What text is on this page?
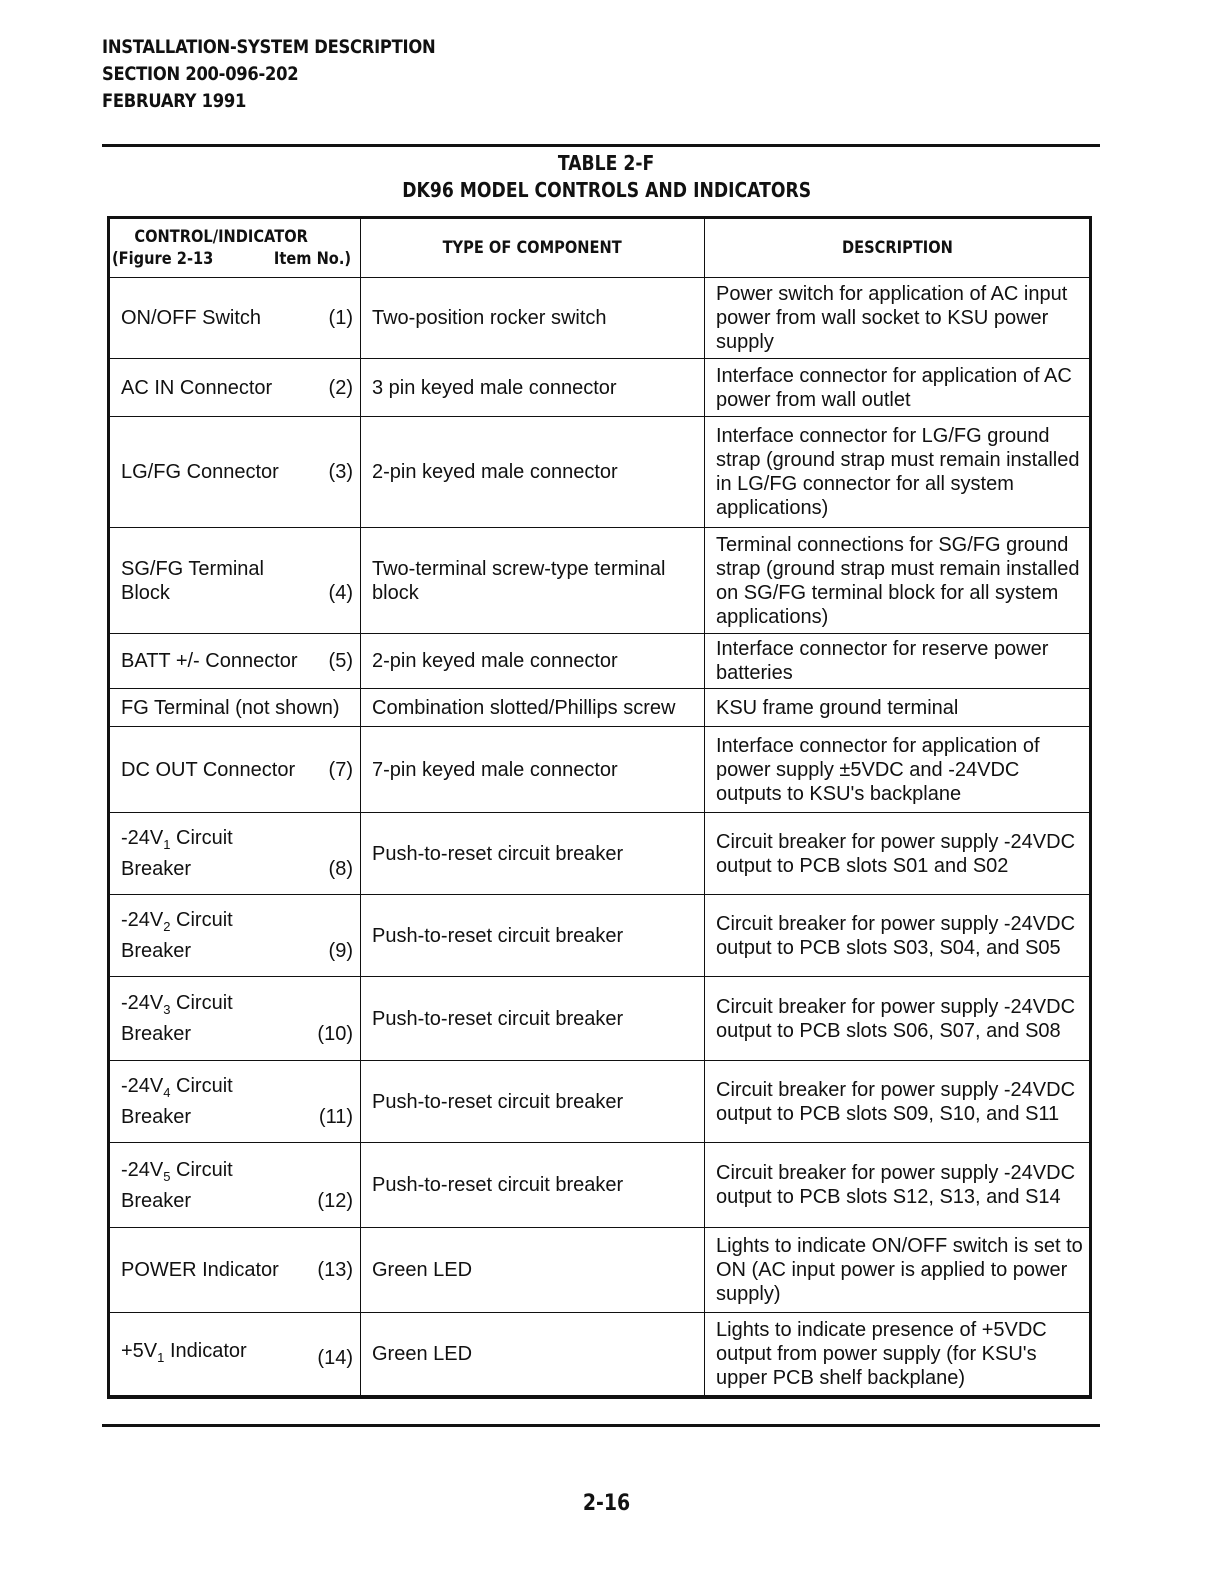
INSTALLATION-SYSTEM DESCRIPTION
SECTION 200-096-202
FEBRUARY 1991
TABLE 2-F
DK96 MODEL CONTROLS AND INDICATORS
CONTROL/INDICATOR
(Figure 2-13 Item No.)	TYPE OF COMPONENT	DESCRIPTION

ON/OFF Switch (1)	Two-position rocker switch	Power switch for application of AC input power from wall socket to KSU power supply

AC IN Connector (2)	3 pin keyed male connector	Interface connector for application of AC power from wall outlet

LG/FG Connector (3)	2-pin keyed male connector	Interface connector for LG/FG ground strap (ground strap must remain installed in LG/FG connector for all system applications)

SG/FG Terminal Block (4)	Two-terminal screw-type terminal block	Terminal connections for SG/FG ground strap (ground strap must remain installed on SG/FG terminal block for all system applications)

BATT +/- Connector (5)	2-pin keyed male connector	Interface connector for reserve power batteries

FG Terminal (not shown)	Combination slotted/Phillips screw	KSU frame ground terminal

DC OUT Connector (7)	7-pin keyed male connector	Interface connector for application of power supply ±5VDC and -24VDC outputs to KSU's backplane

$-24V_1$ Circuit Breaker (8)	Push-to-reset circuit breaker	Circuit breaker for power supply -24VDC output to PCB slots S01 and S02

$-24V_2$ Circuit Breaker (9)	Push-to-reset circuit breaker	Circuit breaker for power supply -24VDC output to PCB slots S03, S04, and S05

$-24V_3$ Circuit Breaker (10)	Push-to-reset circuit breaker	Circuit breaker for power supply -24VDC output to PCB slots S06, S07, and S08

$-24V_4$ Circuit Breaker (11)	Push-to-reset circuit breaker	Circuit breaker for power supply -24VDC output to PCB slots S09, S10, and S11

$-24V_5$ Circuit Breaker (12)	Push-to-reset circuit breaker	Circuit breaker for power supply -24VDC output to PCB slots S12, S13, and S14

POWER Indicator (13)	Green LED	Lights to indicate ON/OFF switch is set to ON (AC input power is applied to power supply)

$+5V_1$ Indicator (14)	Green LED	Lights to indicate presence of +5VDC output from power supply (for KSU's upper PCB shelf backplane)
2-16
